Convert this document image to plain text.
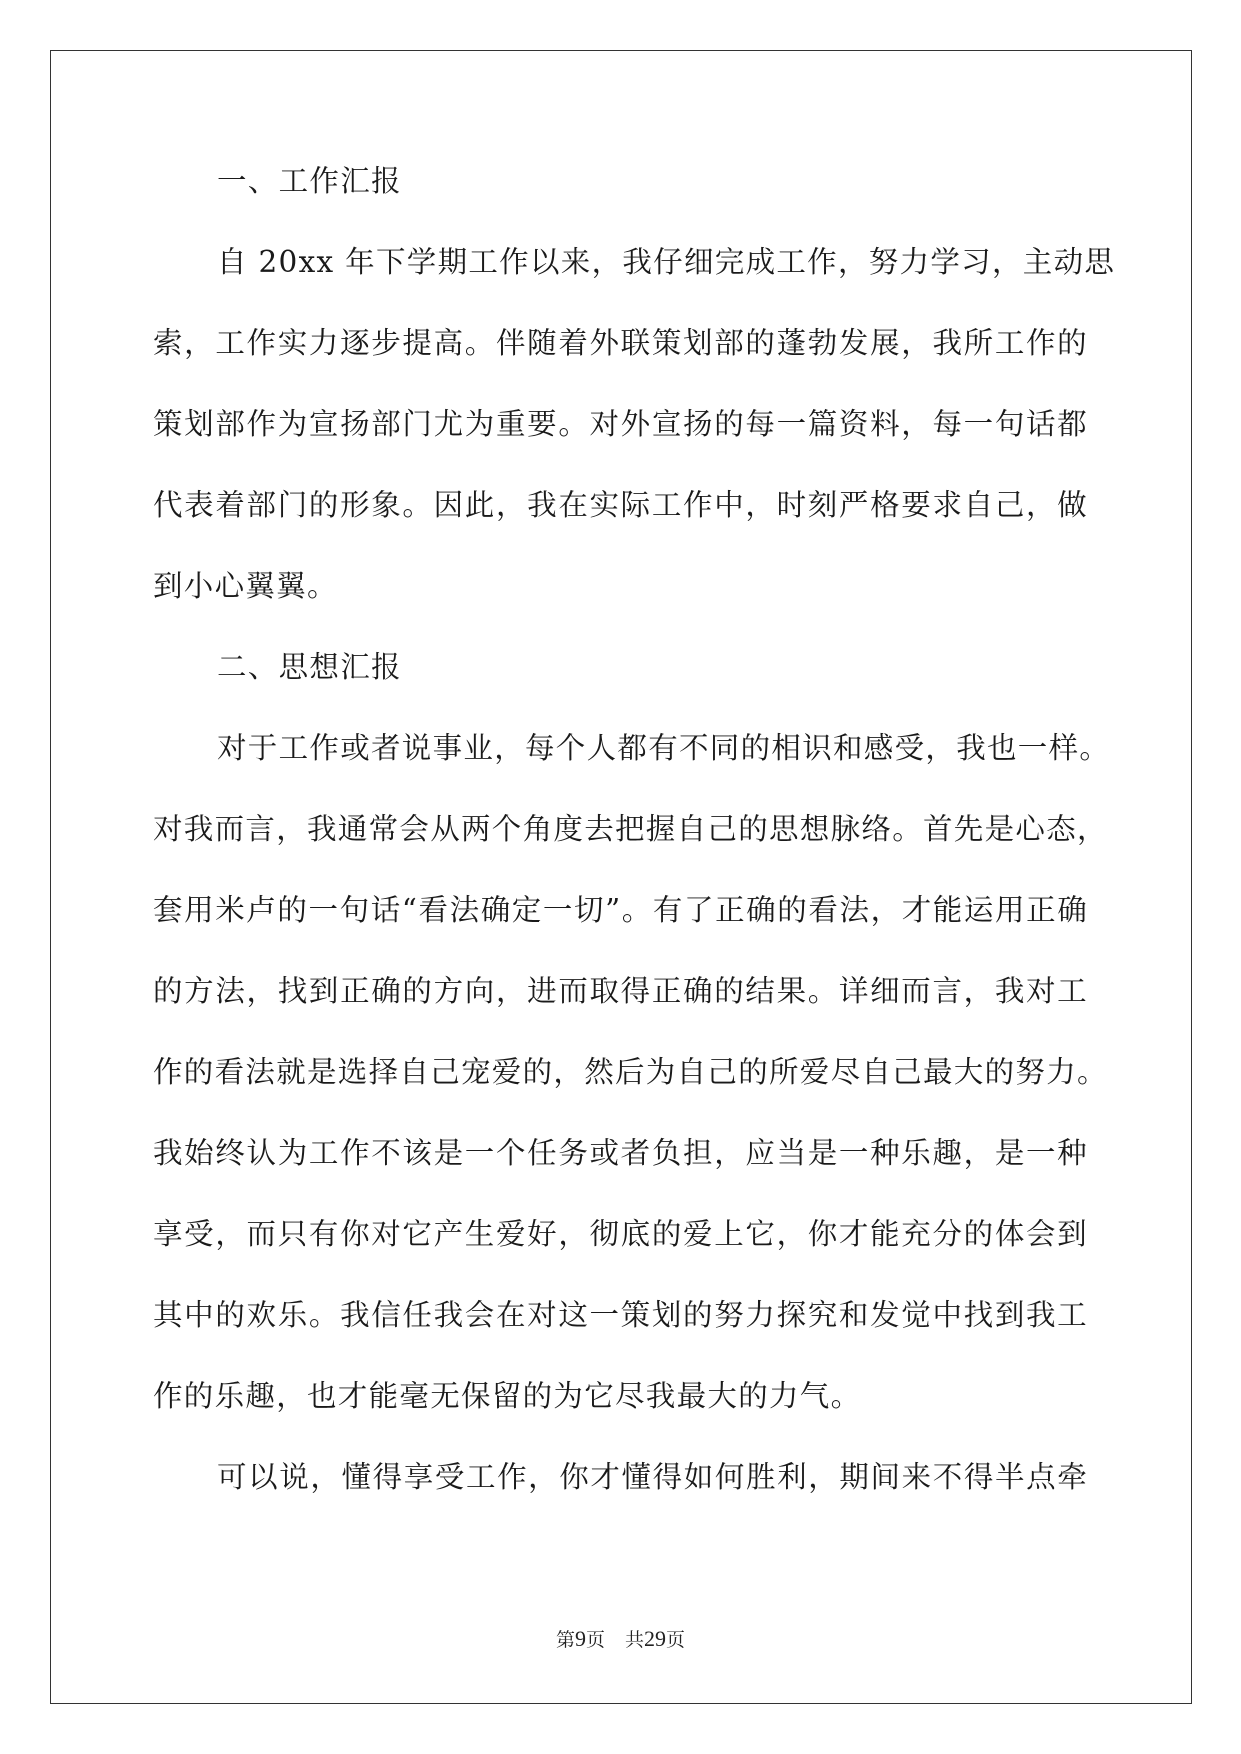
一、工作汇报
自 20xx 年下学期工作以来，我仔细完成工作，努力学习，主动思
索，工作实力逐步提高。伴随着外联策划部的蓬勃发展，我所工作的
策划部作为宣扬部门尤为重要。对外宣扬的每一篇资料，每一句话都
代表着部门的形象。因此，我在实际工作中，时刻严格要求自己，做
到小心翼翼。
二、思想汇报
对于工作或者说事业，每个人都有不同的相识和感受，我也一样。
对我而言，我通常会从两个角度去把握自己的思想脉络。首先是心态，
套用米卢的一句话“看法确定一切”。有了正确的看法，才能运用正确
的方法，找到正确的方向，进而取得正确的结果。详细而言，我对工
作的看法就是选择自己宠爱的，然后为自己的所爱尽自己最大的努力。
我始终认为工作不该是一个任务或者负担，应当是一种乐趣，是一种
享受，而只有你对它产生爱好，彻底的爱上它，你才能充分的体会到
其中的欢乐。我信任我会在对这一策划的努力探究和发觉中找到我工
作的乐趣，也才能毫无保留的为它尽我最大的力气。
可以说，懂得享受工作，你才懂得如何胜利，期间来不得半点牵
第9页 共29页
